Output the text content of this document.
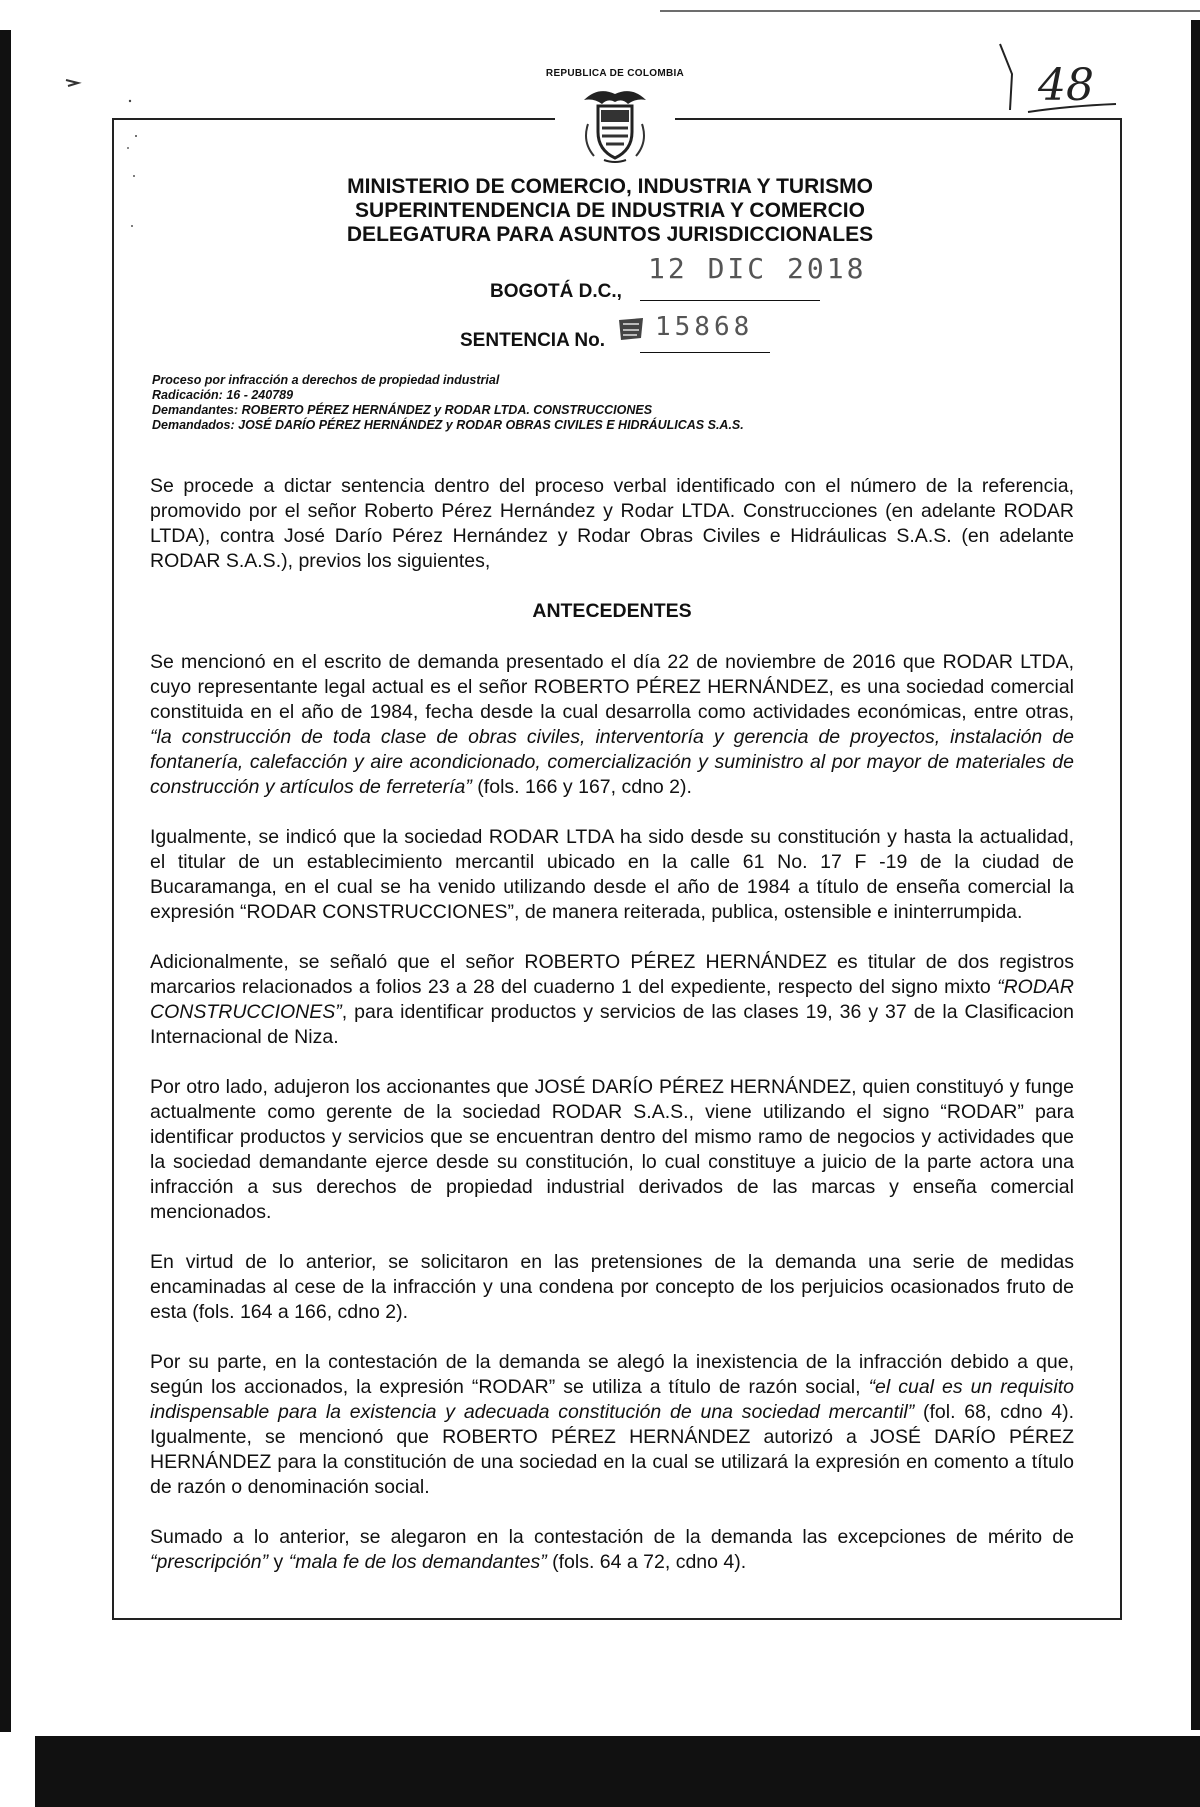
REPUBLICA DE COLOMBIA	48
MINISTERIO DE COMERCIO, INDUSTRIA Y TURISMO
SUPERINTENDENCIA DE INDUSTRIA Y COMERCIO
DELEGATURA PARA ASUNTOS JURISDICCIONALES
BOGOTÁ D.C.,
12 DIC 2018
SENTENCIA No. 15868
Proceso por infracción a derechos de propiedad industrial
Radicación: 16 - 240789
Demandantes: ROBERTO PÉREZ HERNÁNDEZ y RODAR LTDA. CONSTRUCCIONES
Demandados: JOSÉ DARÍO PÉREZ HERNÁNDEZ y RODAR OBRAS CIVILES E HIDRÁULICAS S.A.S.

Se procede a dictar sentencia dentro del proceso verbal identificado con el número de la referencia, promovido por el señor Roberto Pérez Hernández y Rodar LTDA. Construcciones (en adelante RODAR LTDA), contra José Darío Pérez Hernández y Rodar Obras Civiles e Hidráulicas S.A.S. (en adelante RODAR S.A.S.), previos los siguientes,

ANTECEDENTES

Se mencionó en el escrito de demanda presentado el día 22 de noviembre de 2016 que RODAR LTDA, cuyo representante legal actual es el señor ROBERTO PÉREZ HERNÁNDEZ, es una sociedad comercial constituida en el año de 1984, fecha desde la cual desarrolla como actividades económicas, entre otras, “la construcción de toda clase de obras civiles, interventoría y gerencia de proyectos, instalación de fontanería, calefacción y aire acondicionado, comercialización y suministro al por mayor de materiales de construcción y artículos de ferretería” (fols. 166 y 167, cdno 2).

Igualmente, se indicó que la sociedad RODAR LTDA ha sido desde su constitución y hasta la actualidad, el titular de un establecimiento mercantil ubicado en la calle 61 No. 17 F -19 de la ciudad de Bucaramanga, en el cual se ha venido utilizando desde el año de 1984 a título de enseña comercial la expresión “RODAR CONSTRUCCIONES”, de manera reiterada, publica, ostensible e ininterrumpida.

Adicionalmente, se señaló que el señor ROBERTO PÉREZ HERNÁNDEZ es titular de dos registros marcarios relacionados a folios 23 a 28 del cuaderno 1 del expediente, respecto del signo mixto “RODAR CONSTRUCCIONES”, para identificar productos y servicios de las clases 19, 36 y 37 de la Clasificacion Internacional de Niza.

Por otro lado, adujeron los accionantes que JOSÉ DARÍO PÉREZ HERNÁNDEZ, quien constituyó y funge actualmente como gerente de la sociedad RODAR S.A.S., viene utilizando el signo “RODAR” para identificar productos y servicios que se encuentran dentro del mismo ramo de negocios y actividades que la sociedad demandante ejerce desde su constitución, lo cual constituye a juicio de la parte actora una infracción a sus derechos de propiedad industrial derivados de las marcas y enseña comercial mencionados.

En virtud de lo anterior, se solicitaron en las pretensiones de la demanda una serie de medidas encaminadas al cese de la infracción y una condena por concepto de los perjuicios ocasionados fruto de esta (fols. 164 a 166, cdno 2).

Por su parte, en la contestación de la demanda se alegó la inexistencia de la infracción debido a que, según los accionados, la expresión “RODAR” se utiliza a título de razón social, “el cual es un requisito indispensable para la existencia y adecuada constitución de una sociedad mercantil” (fol. 68, cdno 4). Igualmente, se mencionó que ROBERTO PÉREZ HERNÁNDEZ autorizó a JOSÉ DARÍO PÉREZ HERNÁNDEZ para la constitución de una sociedad en la cual se utilizará la expresión en comento a título de razón o denominación social.

Sumado a lo anterior, se alegaron en la contestación de la demanda las excepciones de mérito de “prescripción” y “mala fe de los demandantes” (fols. 64 a 72, cdno 4).
